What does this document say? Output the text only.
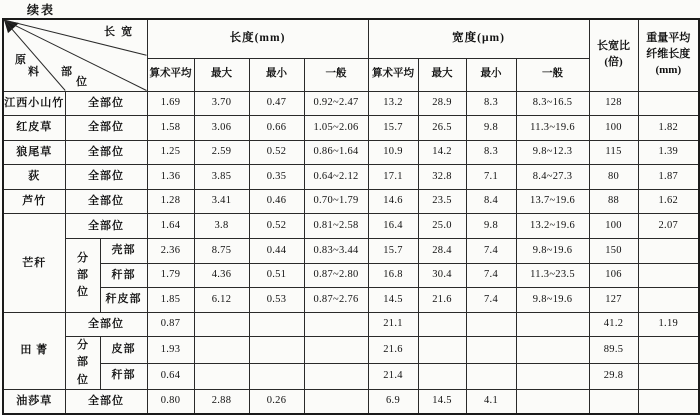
续表
长  宽
原
料 部
位			长度(mm)				宽度(μm)				长宽比
(倍)	重量平均
纤维长度
(mm)

			算术平均	最大	最小	一般	算术平均	最大	最小	一般		
江西小山竹	全部位		1.69	3.70	0.47	0.92~2.47	13.2	28.9	8.3	8.3~16.5	128	
红皮草	全部位		1.58	3.06	0.66	1.05~2.06	15.7	26.5	9.8	11.3~19.6	100	1.82
狼尾草	全部位		1.25	2.59	0.52	0.86~1.64	10.9	14.2	8.3	9.8~12.3	115	1.39
荻	全部位		1.36	3.85	0.35	0.64~2.12	17.1	32.8	7.1	8.4~27.3	80	1.87
芦竹	全部位		1.28	3.41	0.46	0.70~1.79	14.6	23.5	8.4	13.7~19.6	88	1.62
芒秆	全部位		1.64	3.8	0.52	0.81~2.58	16.4	25.0	9.8	13.2~19.6	100	2.07
	分部位	壳部	2.36	8.75	0.44	0.83~3.44	15.7	28.4	7.4	9.8~19.6	150	
		秆部	1.79	4.36	0.51	0.87~2.80	16.8	30.4	7.4	11.3~23.5	106	
		秆皮部	1.85	6.12	0.53	0.87~2.76	14.5	21.6	7.4	9.8~19.6	127	
田 菁	全部位		0.87				21.1				41.2	1.19
	分部位	皮部	1.93				21.6				89.5	
		秆部	0.64				21.4				29.8	
油莎草	全部位		0.80	2.88	0.26		6.9	14.5	4.1			
